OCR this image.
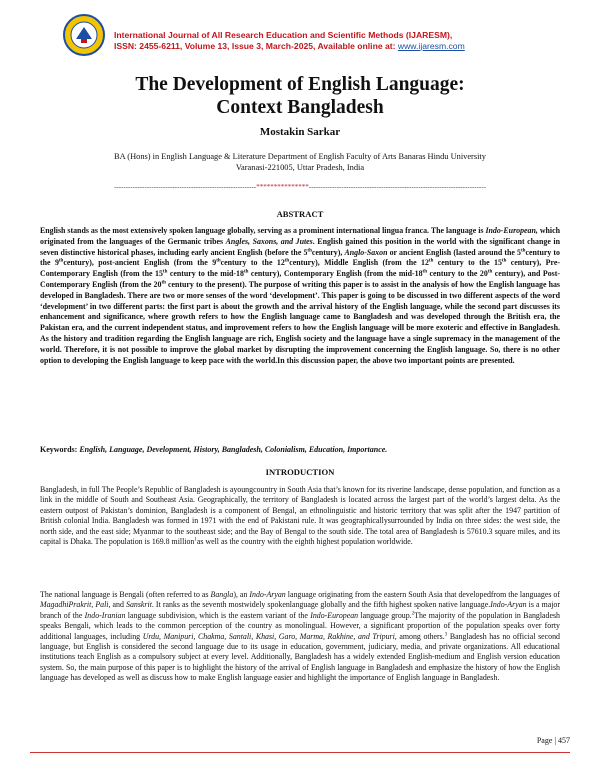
International Journal of All Research Education and Scientific Methods (IJARESM),
ISSN: 2455-6211, Volume 13, Issue 3, March-2025, Available online at: www.ijaresm.com
The Development of English Language:
Context Bangladesh
Mostakin Sarkar
BA (Hons) in English Language & Literature Department of English Faculty of Arts Banaras Hindu University
Varanasi-221005, Uttar Pradesh, India
-------------------------------------------------------------***************----------------------------------------------------------------------------
ABSTRACT

English stands as the most extensively spoken language globally, serving as a prominent international lingua franca. The language is Indo-European, which originated from the languages of the Germanic tribes Angles, Saxons, and Jutes. English gained this position in the world with the significant change in seven distinctive historical phases, including early ancient English (before the 5thcentury), Anglo-Saxon or ancient English (lasted around the 5thcentury to the 9thcentury), post-ancient English (from the 9thcentury to the 12thcentury), Middle English (from the 12th century to the 15th century), Pre-Contemporary English (from the 15th century to the mid-18th century), Contemporary English (from the mid-18th century to the 20th century), and Post-Contemporary English (from the 20th century to the present). The purpose of writing this paper is to assist in the analysis of how the English language has developed in Bangladesh. There are two or more senses of the word ‘development’. This paper is going to be discussed in two different aspects of the word ‘development’ in two different parts: the first part is about the growth and the arrival history of the English language, while the second part discusses its enhancement and significance, where growth refers to how the English language came to Bangladesh and was developed through the British era, the Pakistan era, and the current independent status, and improvement refers to how the English language will be more exoteric and effective in Bangladesh. As the history and tradition regarding the English language are rich, English society and the language have a single supremacy in the management of the world. Therefore, it is not possible to improve the global market by disrupting the improvement concerning the English language. So, there is no other option to developing the English language to keep pace with the world.In this discussion paper, the above two important points are presented.

Keywords: English, Language, Development, History, Bangladesh, Colonialism, Education, Importance.

INTRODUCTION

Bangladesh, in full The People’s Republic of Bangladesh is ayoungcountry in South Asia that’s known for its riverine landscape, dense population, and function as a link in the middle of South and Southeast Asia. Geographically, the territory of Bangladesh is located across the largest part of the world’s largest delta. As the eastern outpost of Pakistan’s dominion, Bangladesh is a component of Bengal, an ethnolinguistic and historic territory that was split after the 1947 partition of British colonial India. Bangladesh was formed in 1971 with the end of Pakistani rule. It was geographicallysurrounded by India on three sides: the west side, the north side, and the east side; Myanmar to the southeast side; and the Bay of Bengal to the south side. The total area of Bangladesh is 57610.3 square miles, and its capital is Dhaka. The population is 169.8 million$^1$as well as the country with the eighth highest population worldwide.

The national language is Bengali (often referred to as Bangla), an Indo-Aryan language originating from the eastern South Asia that developedfrom the languages of MagadhiPrakrit, Pali, and Sanskrit. It ranks as the seventh mostwidely spokenlanguage globally and the fifth highest spoken native language.Indo-Aryan is a major branch of the Indo-Iranian language subdivision, which is the eastern variant of the Indo-European language group.$^2$The majority of the population in Bangladesh speaks Bengali, which leads to the common perception of the country as monolingual. However, a significant proportion of the population speaks over forty additional languages, including Urdu, Manipuri, Chakma, Santali, Khasi, Garo, Marma, Rakhine, and Tripuri, among others.$^3$ Bangladesh has no official second language, but English is considered the second language due to its usage in education, government, judiciary, media, and private organizations. All educational institutions teach English as a compulsory subject at every level. Additionally, Bangladesh has a widely extended English-medium and English version education system. So, the main purpose of this paper is to highlight the history of the arrival of English language in Bangladesh and emphasize the history of how the English language has developed as well as discuss how to make English language easier and highlight the importance of English language in Bangladesh.

Page | 457
